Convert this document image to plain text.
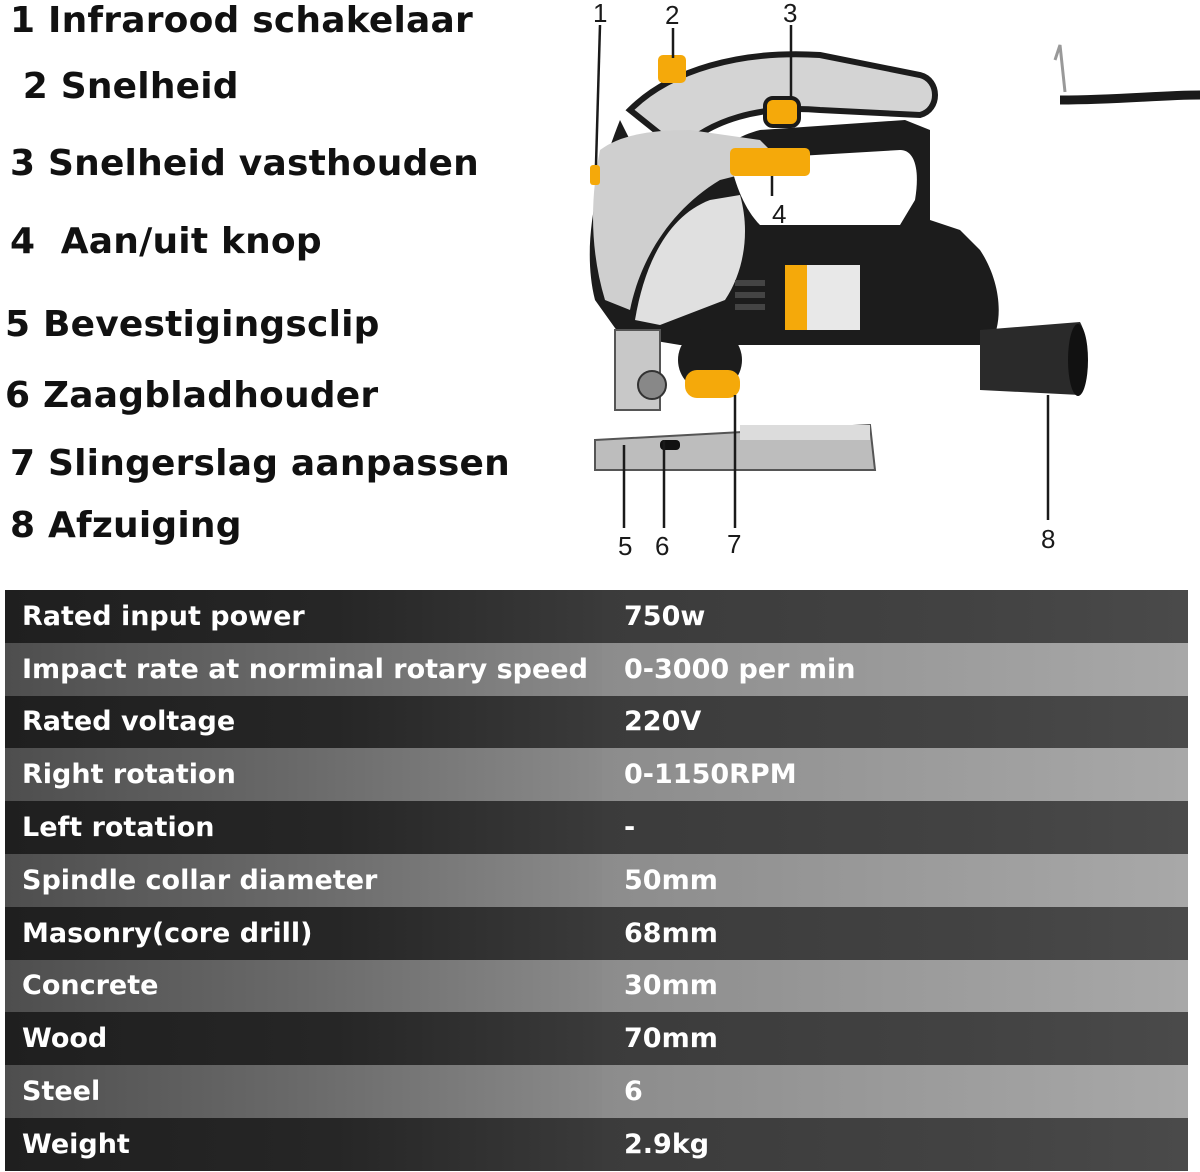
1 Infrarood schakelaar
2 Snelheid
3 Snelheid vasthouden
4  Aan/uit knop
5 Bevestigingsclip
6 Zaagbladhouder
7 Slingerslag aanpassen
8 Afzuiging
1 2	3
4
5 6 7	8
Rated input power	750w
Impact rate at norminal rotary speed	0-3000 per min
Rated voltage	220V
Right rotation	0-1150RPM
Left rotation	-
Spindle collar diameter	50mm
Masonry(core drill)	68mm
Concrete	30mm
Wood	70mm
Steel	6
Weight	2.9kg
